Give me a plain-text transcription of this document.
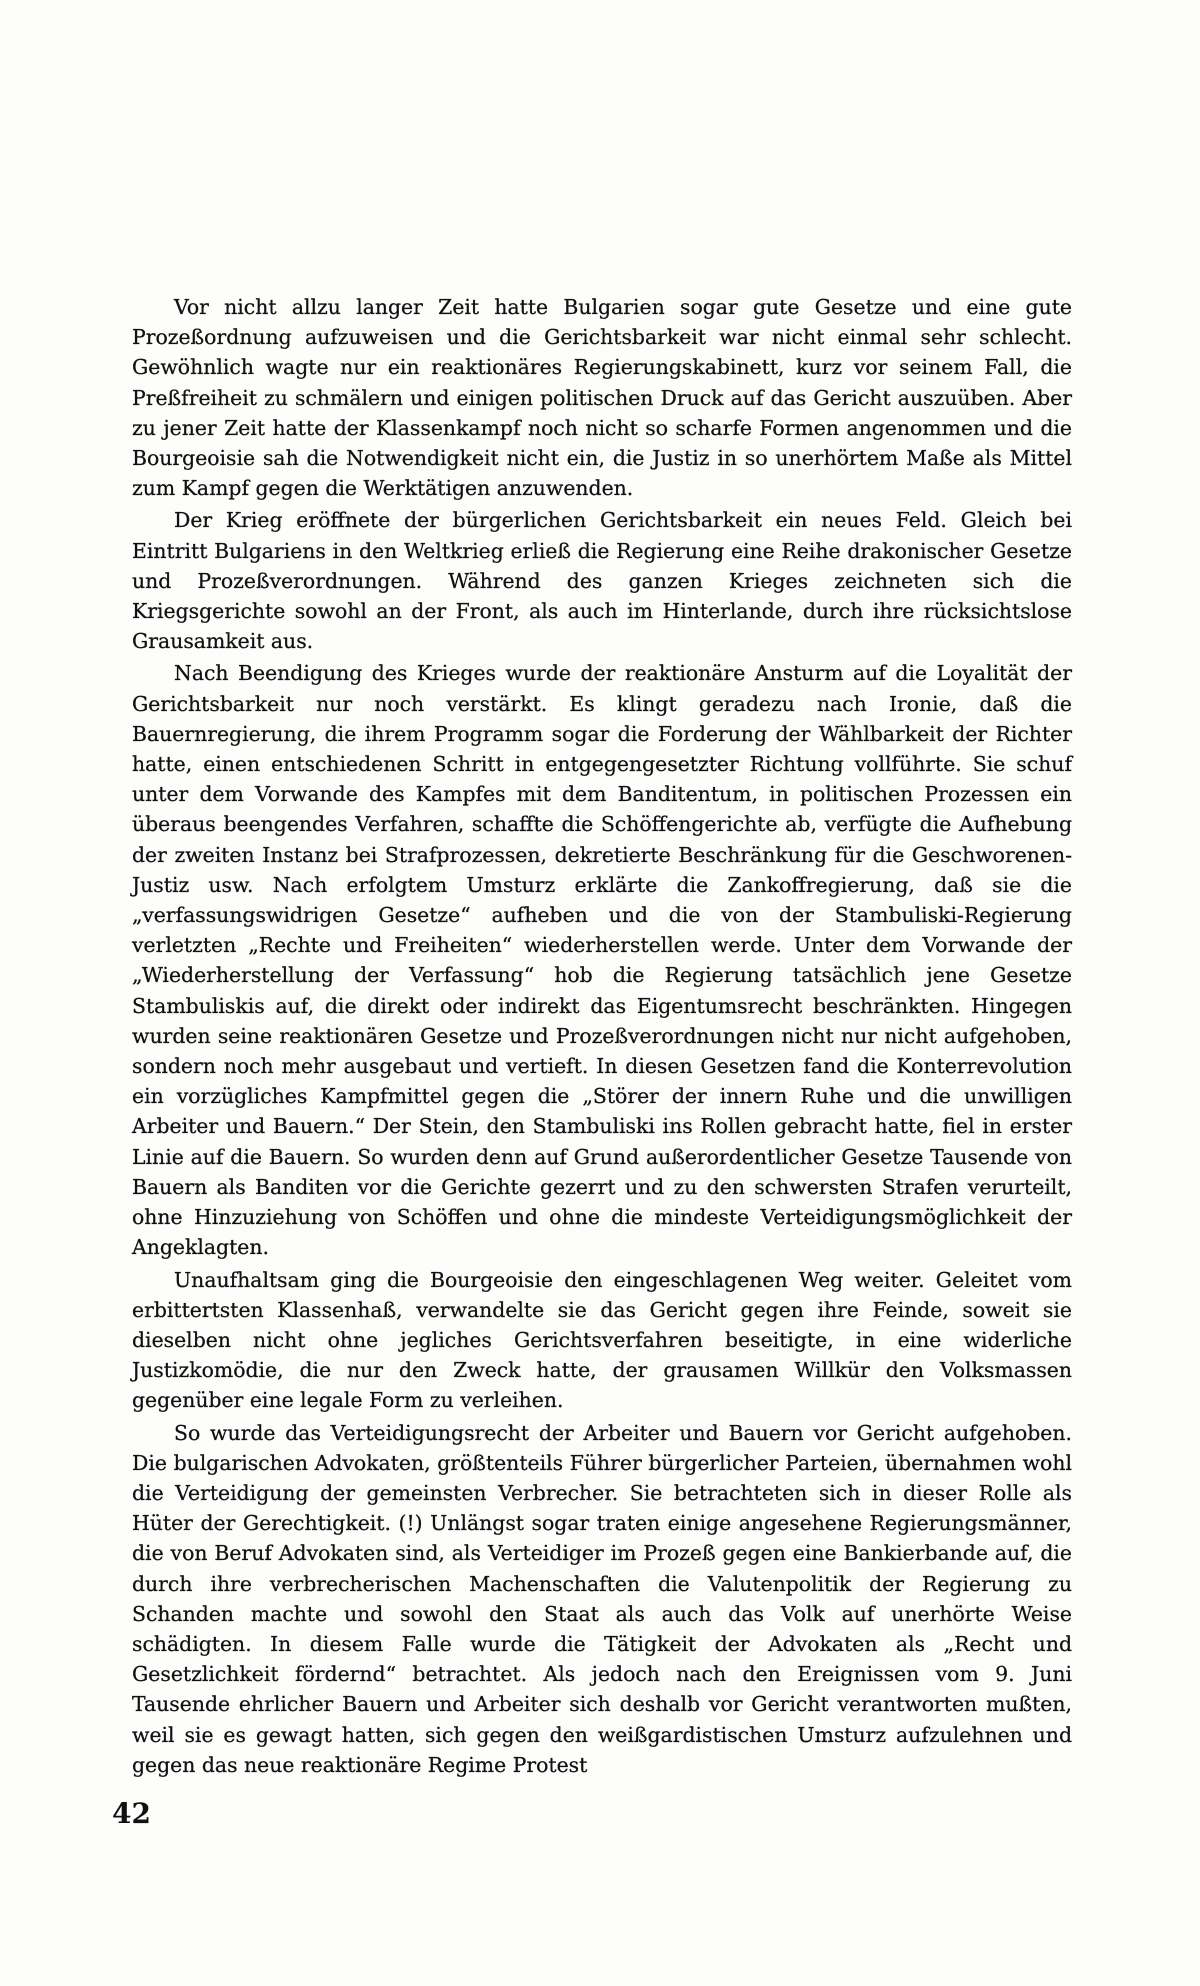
Vor nicht allzu langer Zeit hatte Bulgarien sogar gute Gesetze und eine gute Prozeßordnung aufzuweisen und die Gerichtsbarkeit war nicht einmal sehr schlecht. Gewöhnlich wagte nur ein reaktionäres Regierungskabinett, kurz vor seinem Fall, die Preßfreiheit zu schmälern und einigen politischen Druck auf das Gericht auszuüben. Aber zu jener Zeit hatte der Klassenkampf noch nicht so scharfe Formen angenommen und die Bourgeoisie sah die Notwendigkeit nicht ein, die Justiz in so unerhörtem Maße als Mittel zum Kampf gegen die Werktätigen anzuwenden.

Der Krieg eröffnete der bürgerlichen Gerichtsbarkeit ein neues Feld. Gleich bei Eintritt Bulgariens in den Weltkrieg erließ die Regierung eine Reihe drakonischer Gesetze und Prozeßverordnungen. Während des ganzen Krieges zeichneten sich die Kriegsgerichte sowohl an der Front, als auch im Hinterlande, durch ihre rücksichtslose Grausamkeit aus.

Nach Beendigung des Krieges wurde der reaktionäre Ansturm auf die Loyalität der Gerichtsbarkeit nur noch verstärkt. Es klingt geradezu nach Ironie, daß die Bauernregierung, die ihrem Programm sogar die Forderung der Wählbarkeit der Richter hatte, einen entschiedenen Schritt in entgegengesetzter Richtung vollführte. Sie schuf unter dem Vorwande des Kampfes mit dem Banditentum, in politischen Prozessen ein überaus beengendes Verfahren, schaffte die Schöffengerichte ab, verfügte die Aufhebung der zweiten Instanz bei Strafprozessen, dekretierte Beschränkung für die Geschworenen-Justiz usw. Nach erfolgtem Umsturz erklärte die Zankoffregierung, daß sie die „verfassungswidrigen Gesetze“ aufheben und die von der Stambuliski-Regierung verletzten „Rechte und Freiheiten“ wiederherstellen werde. Unter dem Vorwande der „Wiederherstellung der Verfassung“ hob die Regierung tatsächlich jene Gesetze Stambuliskis auf, die direkt oder indirekt das Eigentumsrecht beschränkten. Hingegen wurden seine reaktionären Gesetze und Prozeßverordnungen nicht nur nicht aufgehoben, sondern noch mehr ausgebaut und vertieft. In diesen Gesetzen fand die Konterrevolution ein vorzügliches Kampfmittel gegen die „Störer der innern Ruhe und die unwilligen Arbeiter und Bauern.“ Der Stein, den Stambuliski ins Rollen gebracht hatte, fiel in erster Linie auf die Bauern. So wurden denn auf Grund außerordentlicher Gesetze Tausende von Bauern als Banditen vor die Gerichte gezerrt und zu den schwersten Strafen verurteilt, ohne Hinzuziehung von Schöffen und ohne die mindeste Verteidigungsmöglichkeit der Angeklagten.

Unaufhaltsam ging die Bourgeoisie den eingeschlagenen Weg weiter. Geleitet vom erbittertsten Klassenhaß, verwandelte sie das Gericht gegen ihre Feinde, soweit sie dieselben nicht ohne jegliches Gerichtsverfahren beseitigte, in eine widerliche Justizkomödie, die nur den Zweck hatte, der grausamen Willkür den Volksmassen gegenüber eine legale Form zu verleihen.

So wurde das Verteidigungsrecht der Arbeiter und Bauern vor Gericht aufgehoben. Die bulgarischen Advokaten, größtenteils Führer bürgerlicher Parteien, übernahmen wohl die Verteidigung der gemeinsten Verbrecher. Sie betrachteten sich in dieser Rolle als Hüter der Gerechtigkeit. (!) Unlängst sogar traten einige angesehene Regierungsmänner, die von Beruf Advokaten sind, als Verteidiger im Prozeß gegen eine Bankierbande auf, die durch ihre verbrecherischen Machenschaften die Valutenpolitik der Regierung zu Schanden machte und sowohl den Staat als auch das Volk auf unerhörte Weise schädigten. In diesem Falle wurde die Tätigkeit der Advokaten als „Recht und Gesetzlichkeit fördernd“ betrachtet. Als jedoch nach den Ereignissen vom 9. Juni Tausende ehrlicher Bauern und Arbeiter sich deshalb vor Gericht verantworten mußten, weil sie es gewagt hatten, sich gegen den weißgardistischen Umsturz aufzulehnen und gegen das neue reaktionäre Regime Protest

42
